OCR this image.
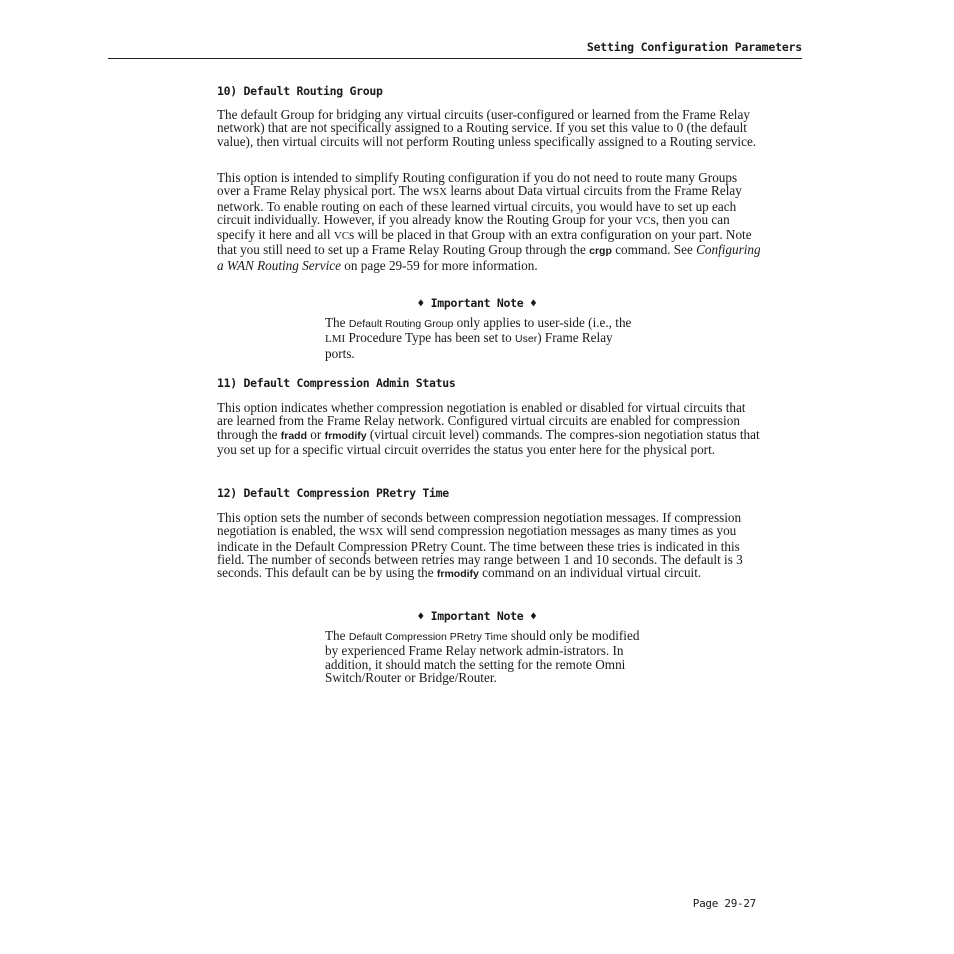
Setting Configuration Parameters
10) Default Routing Group

The default Group for bridging any virtual circuits (user-configured or learned from the Frame Relay network) that are not specifically assigned to a Routing service. If you set this value to 0 (the default value), then virtual circuits will not perform Routing unless specifically assigned to a Routing service.

This option is intended to simplify Routing configuration if you do not need to route many Groups over a Frame Relay physical port. The WSX learns about Data virtual circuits from the Frame Relay network. To enable routing on each of these learned virtual circuits, you would have to set up each circuit individually. However, if you already know the Routing Group for your VCs, then you can specify it here and all VCs will be placed in that Group with an extra configuration on your part. Note that you still need to set up a Frame Relay Routing Group through the crgp command. See Configuring a WAN Routing Service on page 29-59 for more information.

♦ Important Note ♦

The Default Routing Group only applies to user-side (i.e., the LMI Procedure Type has been set to User) Frame Relay ports.

11) Default Compression Admin Status

This option indicates whether compression negotiation is enabled or disabled for virtual circuits that are learned from the Frame Relay network. Configured virtual circuits are enabled for compression through the fradd or frmodify (virtual circuit level) commands. The compres-sion negotiation status that you set up for a specific virtual circuit overrides the status you enter here for the physical port.

12) Default Compression PRetry Time

This option sets the number of seconds between compression negotiation messages. If compression negotiation is enabled, the WSX will send compression negotiation messages as many times as you indicate in the Default Compression PRetry Count. The time between these tries is indicated in this field. The number of seconds between retries may range between 1 and 10 seconds. The default is 3 seconds. This default can be by using the frmodify command on an individual virtual circuit.

♦ Important Note ♦

The Default Compression PRetry Time should only be modified by experienced Frame Relay network admin-istrators. In addition, it should match the setting for the remote Omni Switch/Router or Bridge/Router.

Page 29-27
